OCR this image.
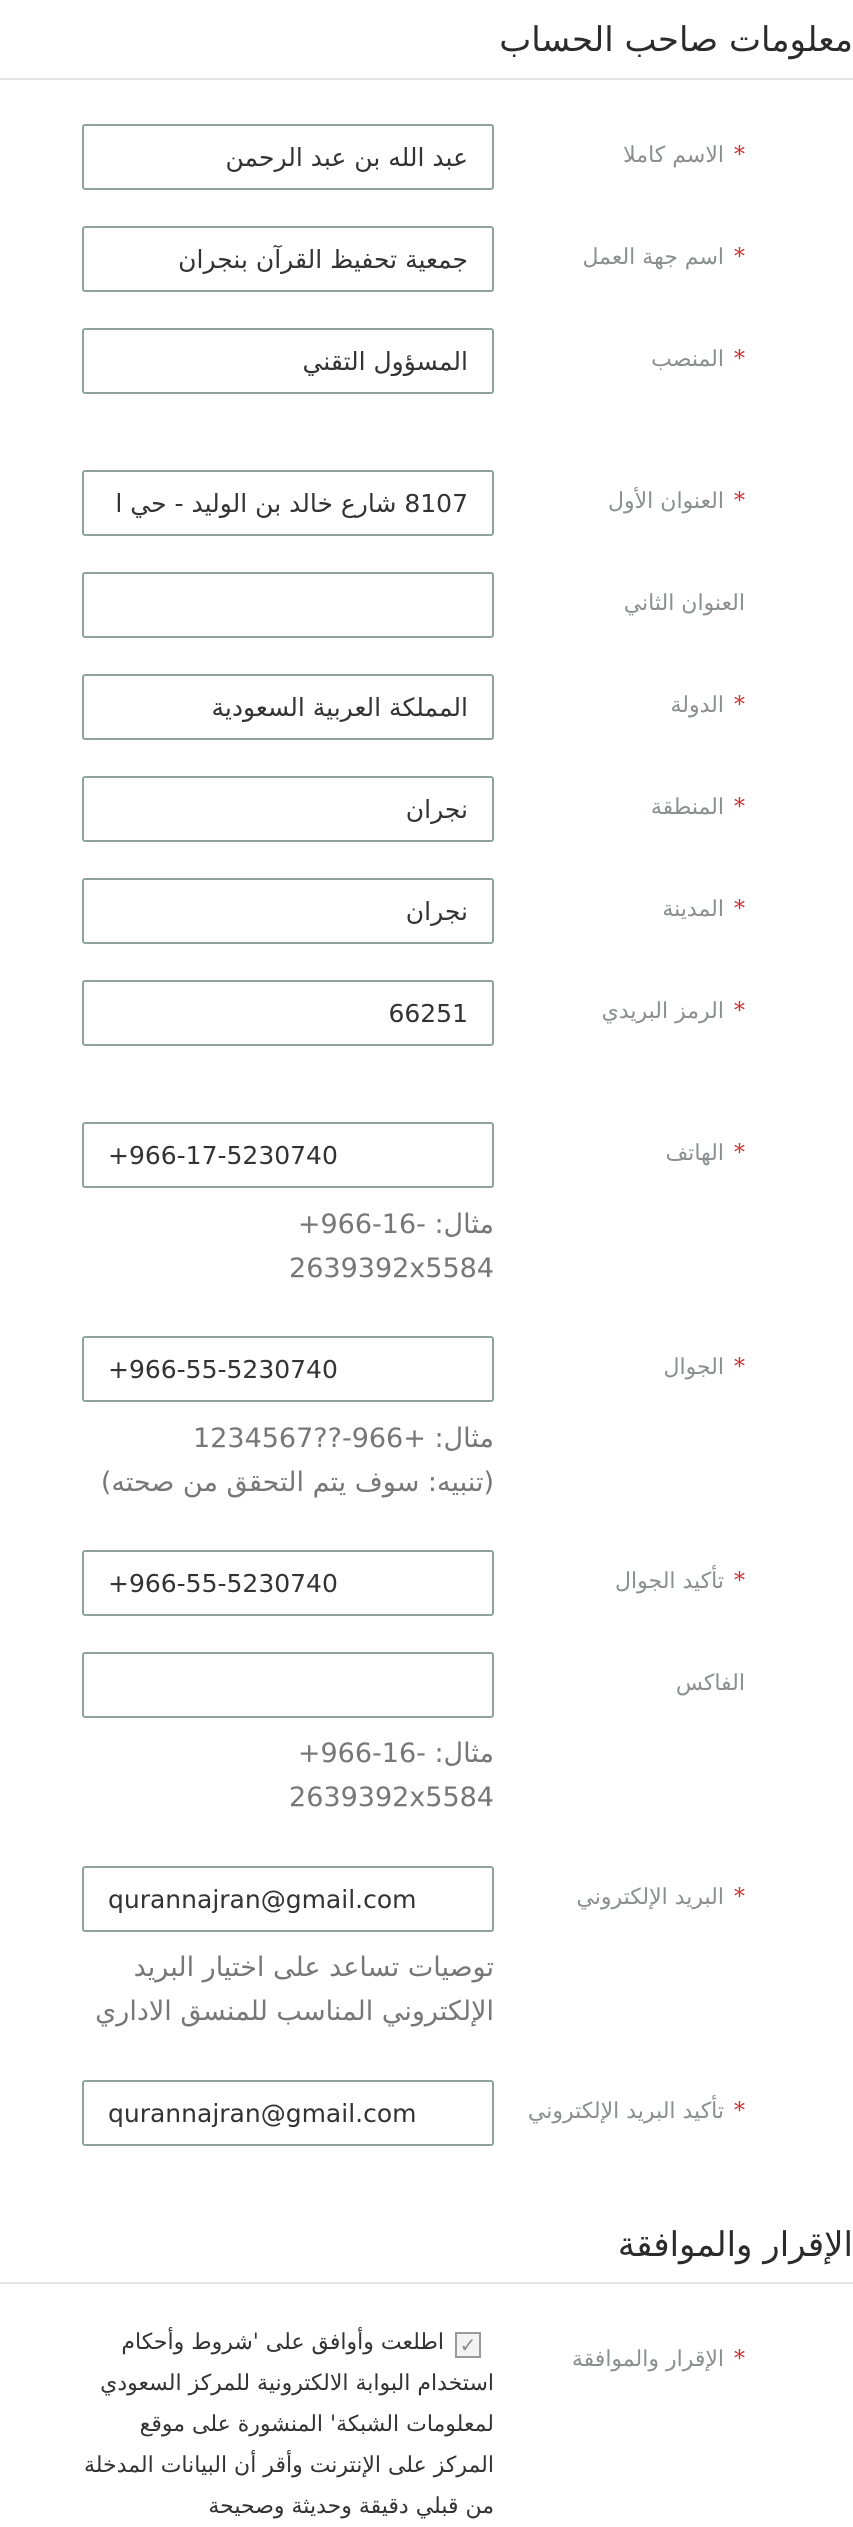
معلومات صاحب الحساب
*الاسم كاملا
عبد الله بن عبد الرحمن
*اسم جهة العمل
جمعية تحفيظ القرآن بنجران
*المنصب
المسؤول التقني
*العنوان الأول
8107 شارع خالد بن الوليد - حي ا
العنوان الثاني
*الدولة
المملكة العربية السعودية
*المنطقة
نجران
*المدينة
نجران
*الرمز البريدي
66251
*الهاتف
+966-17-5230740
مثال: +966-16-
2639392x5584
*الجوال
+966-55-5230740
مثال: +966-??1234567
(تنبيه: سوف يتم التحقق من صحته)
*تأكيد الجوال
+966-55-5230740
الفاكس
مثال: +966-16-
2639392x5584
*البريد الإلكتروني
qurannajran@gmail.com
توصيات تساعد على اختيار البريد الإلكتروني المناسب للمنسق الاداري
*تأكيد البريد الإلكتروني
qurannajran@gmail.com
الإقرار والموافقة
*الإقرار والموافقة
✓
اطلعت وأوافق على 'شروط وأحكام استخدام البوابة الالكترونية للمركز السعودي لمعلومات الشبكة' المنشورة على موقع المركز على الإنترنت وأقر أن البيانات المدخلة من قبلي دقيقة وحديثة وصحيحة
